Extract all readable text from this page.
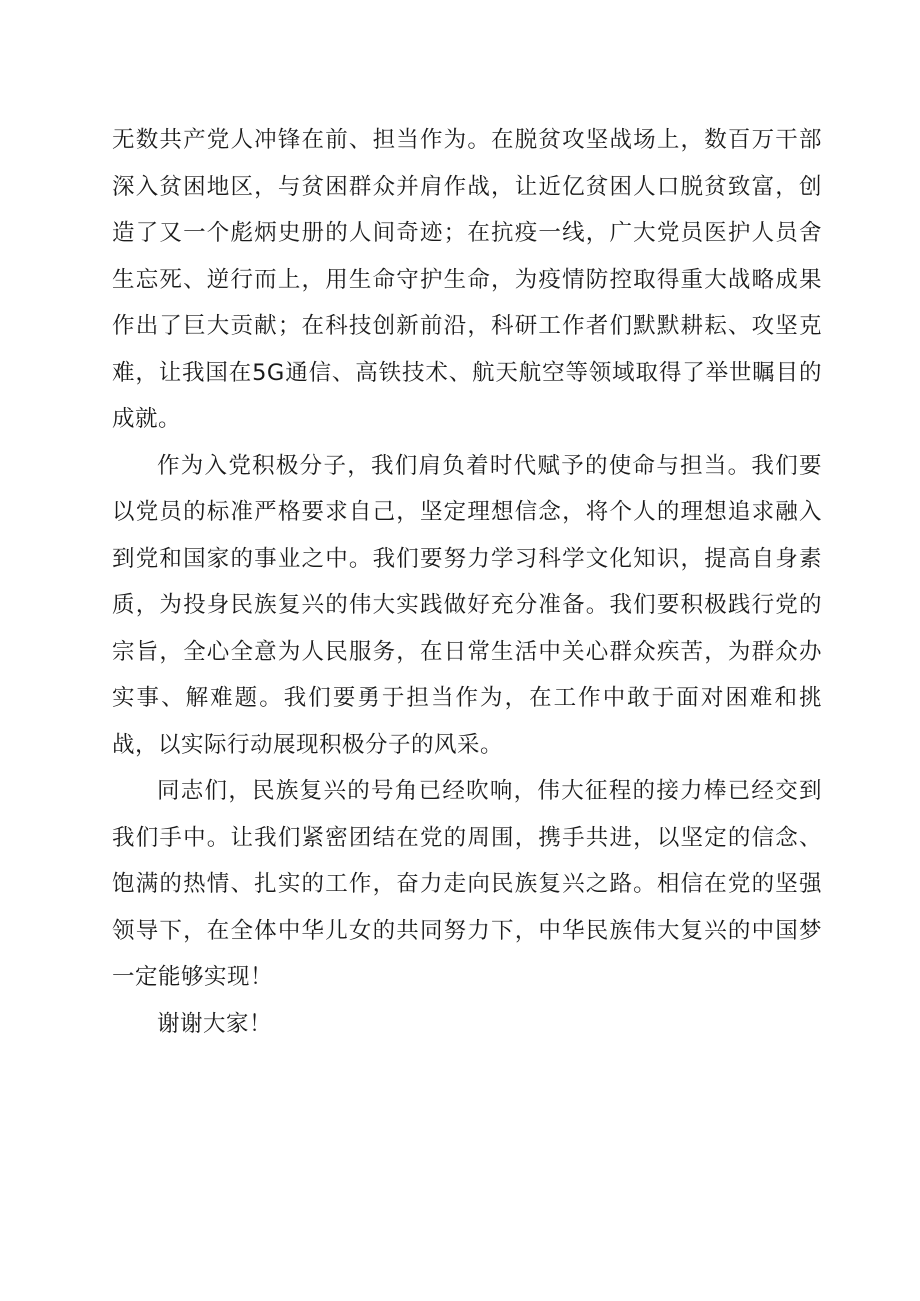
无数共产党人冲锋在前、担当作为。在脱贫攻坚战场上，数百万干部深入贫困地区，与贫困群众并肩作战，让近亿贫困人口脱贫致富，创造了又一个彪炳史册的人间奇迹；在抗疫一线，广大党员医护人员舍生忘死、逆行而上，用生命守护生命，为疫情防控取得重大战略成果作出了巨大贡献；在科技创新前沿，科研工作者们默默耕耘、攻坚克难，让我国在5G通信、高铁技术、航天航空等领域取得了举世瞩目的成就。

作为入党积极分子，我们肩负着时代赋予的使命与担当。我们要以党员的标准严格要求自己，坚定理想信念，将个人的理想追求融入到党和国家的事业之中。我们要努力学习科学文化知识，提高自身素质，为投身民族复兴的伟大实践做好充分准备。我们要积极践行党的宗旨，全心全意为人民服务，在日常生活中关心群众疾苦，为群众办实事、解难题。我们要勇于担当作为，在工作中敢于面对困难和挑战，以实际行动展现积极分子的风采。

同志们，民族复兴的号角已经吹响，伟大征程的接力棒已经交到我们手中。让我们紧密团结在党的周围，携手共进，以坚定的信念、饱满的热情、扎实的工作，奋力走向民族复兴之路。相信在党的坚强领导下，在全体中华儿女的共同努力下，中华民族伟大复兴的中国梦一定能够实现！

谢谢大家！
